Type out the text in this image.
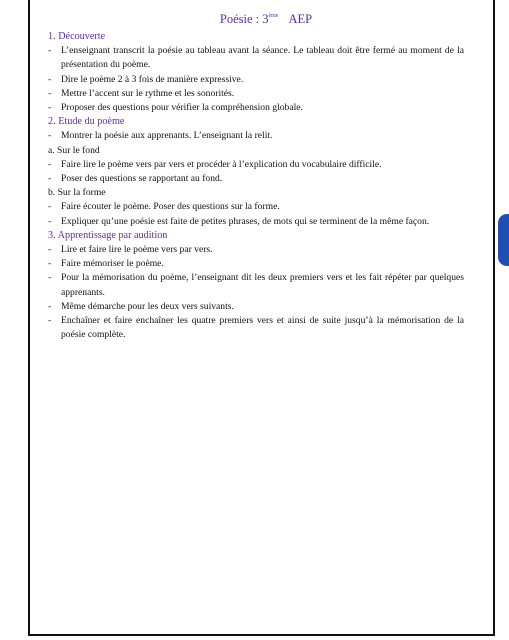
Poésie : 3ème AEP

1. Découverte

- L’enseignant transcrit la poésie au tableau avant la séance. Le tableau doit être fermé au moment de la présentation du poème.

- Dire le poème 2 à 3 fois de manière expressive.

- Mettre l’accent sur le rythme et les sonorités.

- Proposer des questions pour vérifier la compréhension globale.

2. Etude du poème

- Montrer la poésie aux apprenants. L’enseignant la relit.

a. Sur le fond

- Faire lire le poème vers par vers et procéder à l’explication du vocabulaire difficile.

- Poser des questions se rapportant au fond.

b. Sur la forme

- Faire écouter le poème. Poser des questions sur la forme.

- Expliquer qu’une poésie est faite de petites phrases, de mots qui se terminent de la même façon.

3. Apprentissage par audition

- Lire et faire lire le poème vers par vers.

- Faire mémoriser le poème.

- Pour la mémorisation du poème, l’enseignant dit les deux premiers vers et les fait répéter par quelques apprenants.

- Même démarche pour les deux vers suivants.

- Enchaîner et faire enchaîner les quatre premiers vers et ainsi de suite jusqu’à la mémorisation de la poésie complète.
